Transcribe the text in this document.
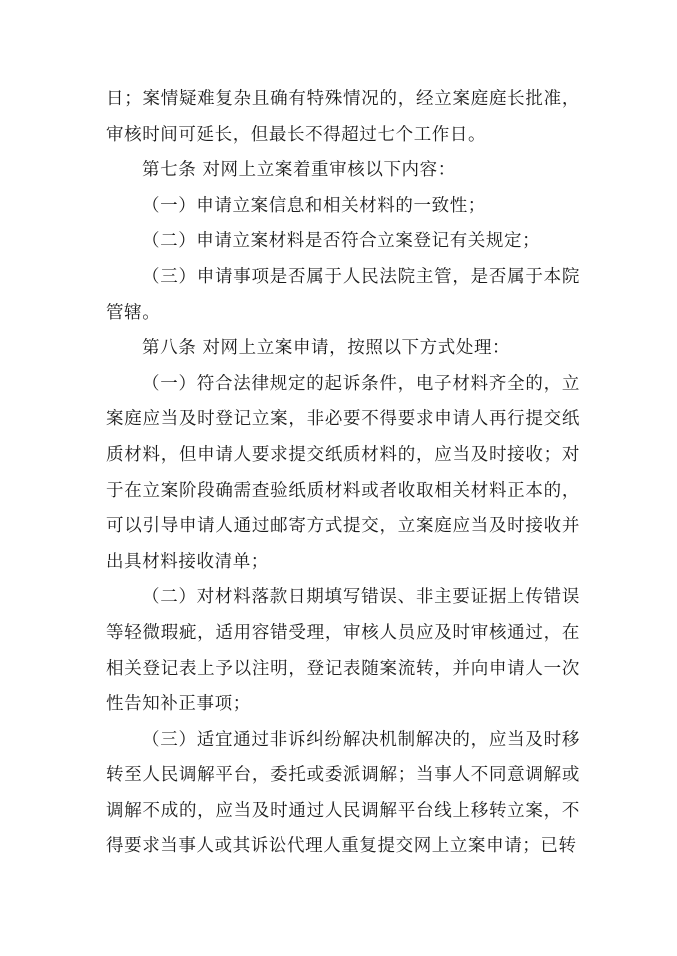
日；案情疑难复杂且确有特殊情况的，经立案庭庭长批准，审核时间可延长，但最长不得超过七个工作日。

第七条 对网上立案着重审核以下内容：

（一）申请立案信息和相关材料的一致性；

（二）申请立案材料是否符合立案登记有关规定；

（三）申请事项是否属于人民法院主管，是否属于本院管辖。

第八条 对网上立案申请，按照以下方式处理：

（一）符合法律规定的起诉条件，电子材料齐全的，立案庭应当及时登记立案，非必要不得要求申请人再行提交纸质材料，但申请人要求提交纸质材料的，应当及时接收；对于在立案阶段确需查验纸质材料或者收取相关材料正本的，可以引导申请人通过邮寄方式提交，立案庭应当及时接收并出具材料接收清单；

（二）对材料落款日期填写错误、非主要证据上传错误等轻微瑕疵，适用容错受理，审核人员应及时审核通过，在相关登记表上予以注明，登记表随案流转，并向申请人一次性告知补正事项；

（三）适宜通过非诉纠纷解决机制解决的，应当及时移转至人民调解平台，委托或委派调解；当事人不同意调解或调解不成的，应当及时通过人民调解平台线上移转立案，不得要求当事人或其诉讼代理人重复提交网上立案申请；已转
